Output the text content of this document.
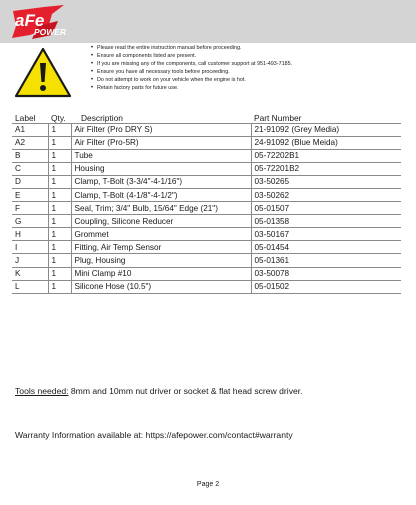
aFe
POWER
• Please read the entire instruction manual before proceeding.
• Ensure all components listed are present.
• If you are missing any of the components, call customer support at 951-493-7185.
• Ensure you have all necessary tools before proceeding.
• Do not attempt to work on your vehicle when the engine is hot.
• Retain factory parts for future use.
Label	Qty.	Description	Part Number
A1	1	Air Filter (Pro DRY S)	21-91092 (Grey Media)
A2	1	Air Filter (Pro-5R)	24-91092 (Blue Meida)
B	1	Tube	05-72202B1
C	1	Housing	05-72201B2
D	1	Clamp, T-Bolt (3-3/4"-4-1/16")	03-50265
E	1	Clamp, T-Bolt (4-1/8"-4-1/2")	03-50262
F	1	Seal, Trim; 3/4" Bulb, 15/64" Edge (21")	05-01507
G	1	Coupling, Silicone Reducer	05-01358
H	1	Grommet	03-50167
I	1	Fitting, Air Temp Sensor	05-01454
J	1	Plug, Housing	05-01361
K	1	Mini Clamp #10	03-50078
L	1	Silicone Hose (10.5")	05-01502
Tools needed: 8mm and 10mm nut driver or socket & flat head screw driver.
Warranty Information available at: https://afepower.com/contact#warranty
Page 2
